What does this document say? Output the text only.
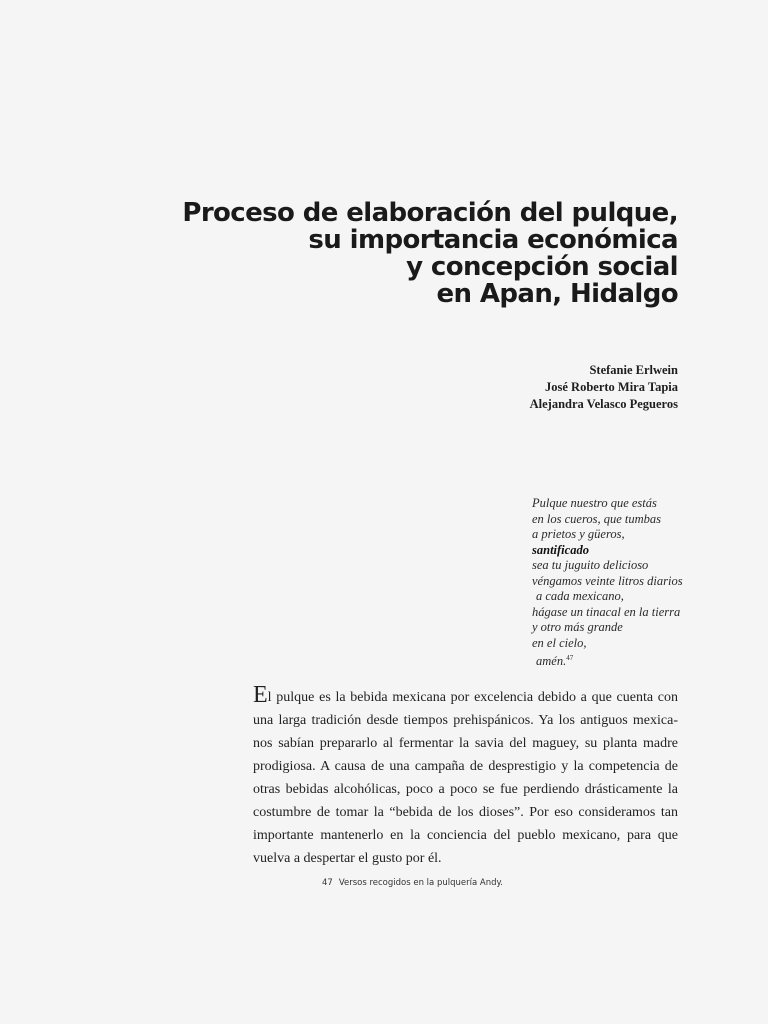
Proceso de elaboración del pulque,
su importancia económica
y concepción social
en Apan, Hidalgo
Stefanie Erlwein
José Roberto Mira Tapia
Alejandra Velasco Pegueros
Pulque nuestro que estás
en los cueros, que tumbas
a prietos y güeros,
santificado
sea tu juguito delicioso
véngamos veinte litros diarios
a cada mexicano,
hágase un tinacal en la tierra
y otro más grande
en el cielo,
amén.$^{47}$
El pulque es la bebida mexicana por excelencia debido a que cuenta con
una larga tradición desde tiempos prehispánicos. Ya los antiguos mexica-
nos sabían prepararlo al fermentar la savia del maguey, su planta madre
prodigiosa. A causa de una campaña de desprestigio y la competencia de
otras bebidas alcohólicas, poco a poco se fue perdiendo drásticamente la
costumbre de tomar la “bebida de los dioses”. Por eso consideramos tan
importante mantenerlo en la conciencia del pueblo mexicano, para que
vuelva a despertar el gusto por él.
47 Versos recogidos en la pulquería Andy.
